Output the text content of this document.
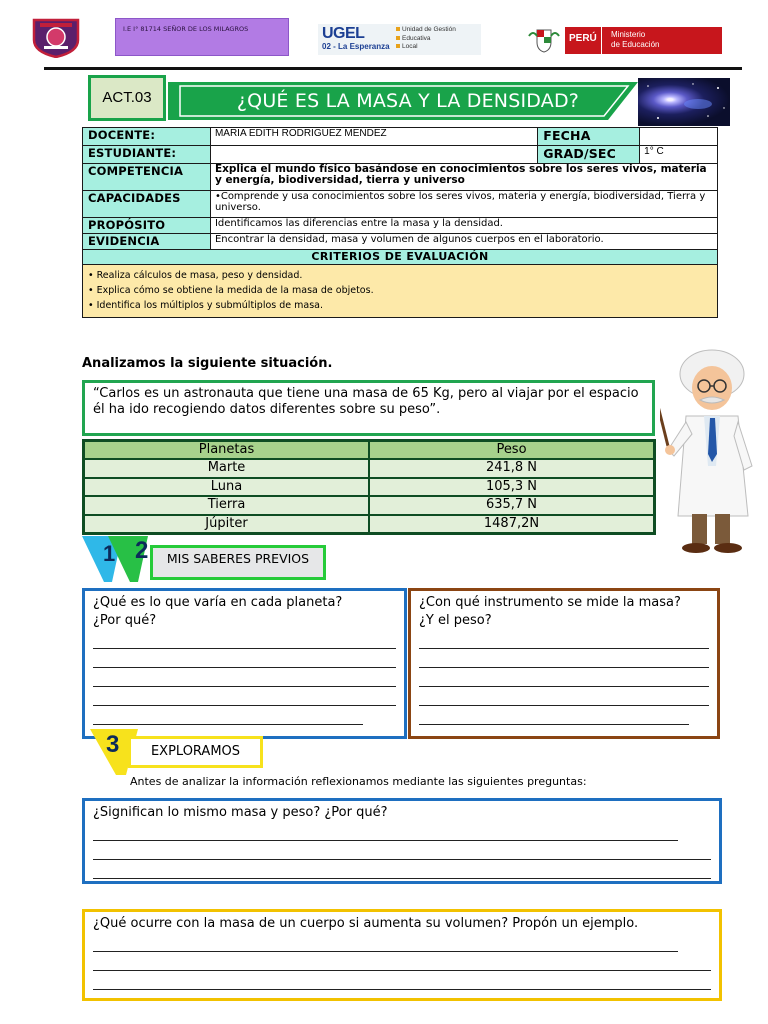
I.E I° 81714 SEÑOR DE LOS MILAGROS	UGEL
02 - La Esperanza
Unidad de Gestión
Educativa
Local
PERÚ Ministerio
de Educación
ACT.03	¿QUÉ ES LA MASA Y LA DENSIDAD?
DOCENTE:	MARIA EDITH RODRIGUEZ MENDEZ	FECHA	
ESTUDIANTE:		GRAD/SEC	1° C
COMPETENCIA	Explica el mundo físico basándose en conocimientos sobre los seres vivos, materia y energía, biodiversidad, tierra y universo		
CAPACIDADES	•Comprende y usa conocimientos sobre los seres vivos, materia y energía, biodiversidad, Tierra y universo.		
PROPÓSITO	Identificamos las diferencias entre la masa y la densidad.		
EVIDENCIA	Encontrar la densidad, masa y volumen de algunos cuerpos en el laboratorio.		
CRITERIOS DE EVALUACIÓN			

• Realiza cálculos de masa, peso y densidad.
• Explica cómo se obtiene la medida de la masa de objetos.
• Identifica los múltiplos y submúltiplos de masa.			
Analizamos la siguiente situación.
“Carlos es un astronauta que tiene una masa de 65 Kg, pero al viajar por el espacio él ha ido recogiendo datos diferentes sobre su peso”.
Planetas	Peso
Marte	241,8 N
Luna	105,3 N
Tierra	635,7 N
Júpiter	1487,2N
1 2	MIS SABERES PREVIOS
¿Qué es lo que varía en cada planeta?
¿Por qué?
¿Con qué instrumento se mide la masa?
¿Y el peso?
3	EXPLORAMOS
Antes de analizar la información reflexionamos mediante las siguientes preguntas:
¿Significan lo mismo masa y peso? ¿Por qué?
¿Qué ocurre con la masa de un cuerpo si aumenta su volumen? Propón un ejemplo.
